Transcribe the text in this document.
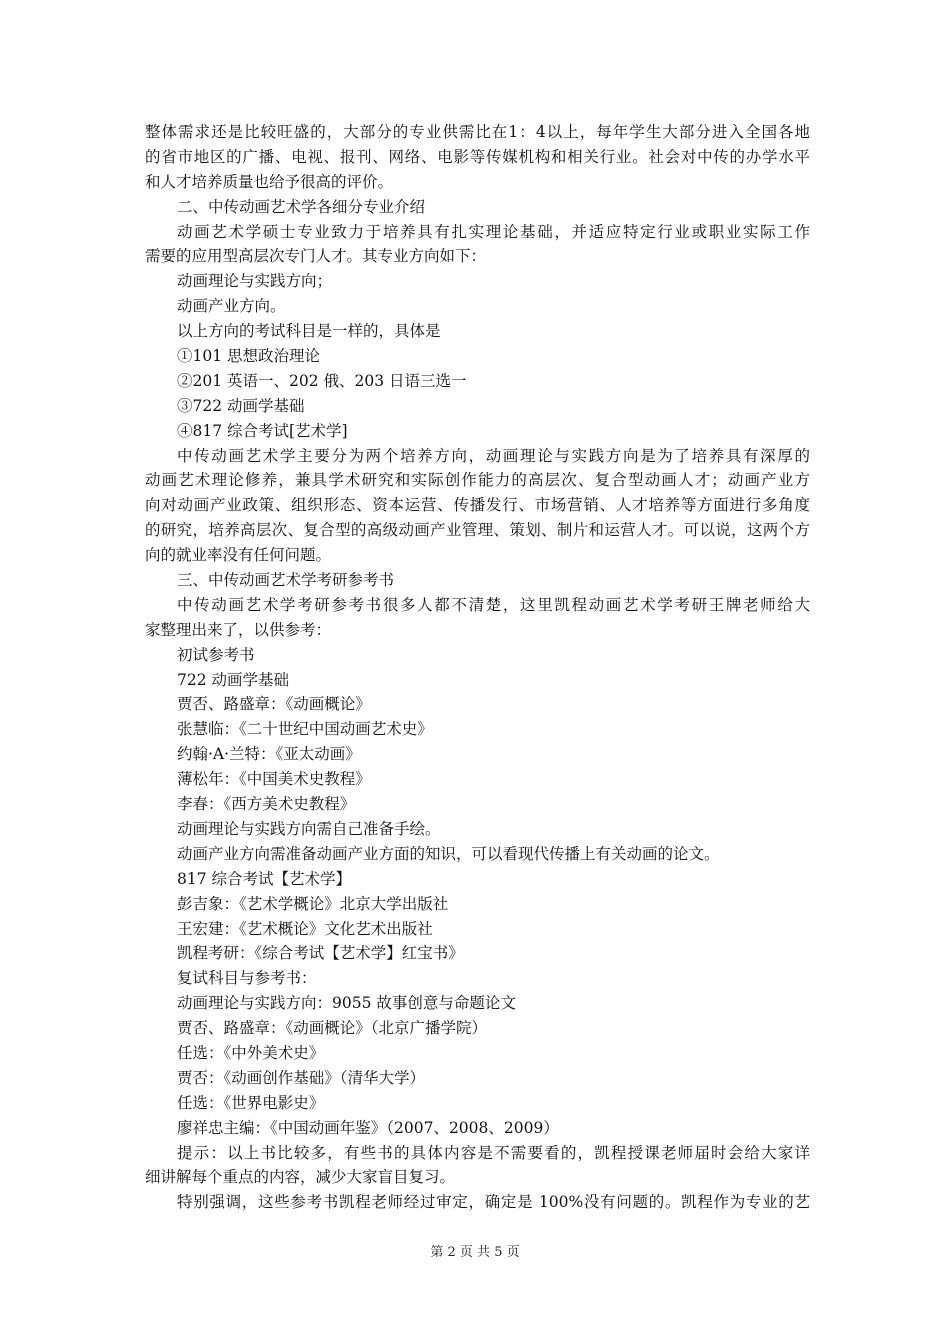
整体需求还是比较旺盛的，大部分的专业供需比在1：4以上，每年学生大部分进入全国各地
的省市地区的广播、电视、报刊、网络、电影等传媒机构和相关行业。社会对中传的办学水平
和人才培养质量也给予很高的评价。
二、中传动画艺术学各细分专业介绍
动画艺术学硕士专业致力于培养具有扎实理论基础，并适应特定行业或职业实际工作
需要的应用型高层次专门人才。其专业方向如下：
动画理论与实践方向；
动画产业方向。
以上方向的考试科目是一样的，具体是
①101 思想政治理论
②201 英语一、202 俄、203 日语三选一
③722 动画学基础
④817 综合考试[艺术学]
中传动画艺术学主要分为两个培养方向，动画理论与实践方向是为了培养具有深厚的
动画艺术理论修养，兼具学术研究和实际创作能力的高层次、复合型动画人才；动画产业方
向对动画产业政策、组织形态、资本运营、传播发行、市场营销、人才培养等方面进行多角度
的研究，培养高层次、复合型的高级动画产业管理、策划、制片和运营人才。可以说，这两个方
向的就业率没有任何问题。
三、中传动画艺术学考研参考书
中传动画艺术学考研参考书很多人都不清楚，这里凯程动画艺术学考研王牌老师给大
家整理出来了，以供参考：
初试参考书
722 动画学基础
贾否、路盛章：《动画概论》
张慧临：《二十世纪中国动画艺术史》
约翰·A·兰特：《亚太动画》
薄松年：《中国美术史教程》
李春：《西方美术史教程》
动画理论与实践方向需自己准备手绘。
动画产业方向需准备动画产业方面的知识，可以看现代传播上有关动画的论文。
817 综合考试【艺术学】
彭吉象：《艺术学概论》北京大学出版社
王宏建：《艺术概论》文化艺术出版社
凯程考研：《综合考试【艺术学】红宝书》
复试科目与参考书：
动画理论与实践方向：9055 故事创意与命题论文
贾否、路盛章：《动画概论》（北京广播学院）
任选：《中外美术史》
贾否：《动画创作基础》（清华大学）
任选：《世界电影史》
廖祥忠主编：《中国动画年鉴》（2007、2008、2009）
提示：以上书比较多，有些书的具体内容是不需要看的，凯程授课老师届时会给大家详
细讲解每个重点的内容，减少大家盲目复习。
特别强调，这些参考书凯程老师经过审定，确定是 100%没有问题的。凯程作为专业的艺
第 2 页 共 5 页
